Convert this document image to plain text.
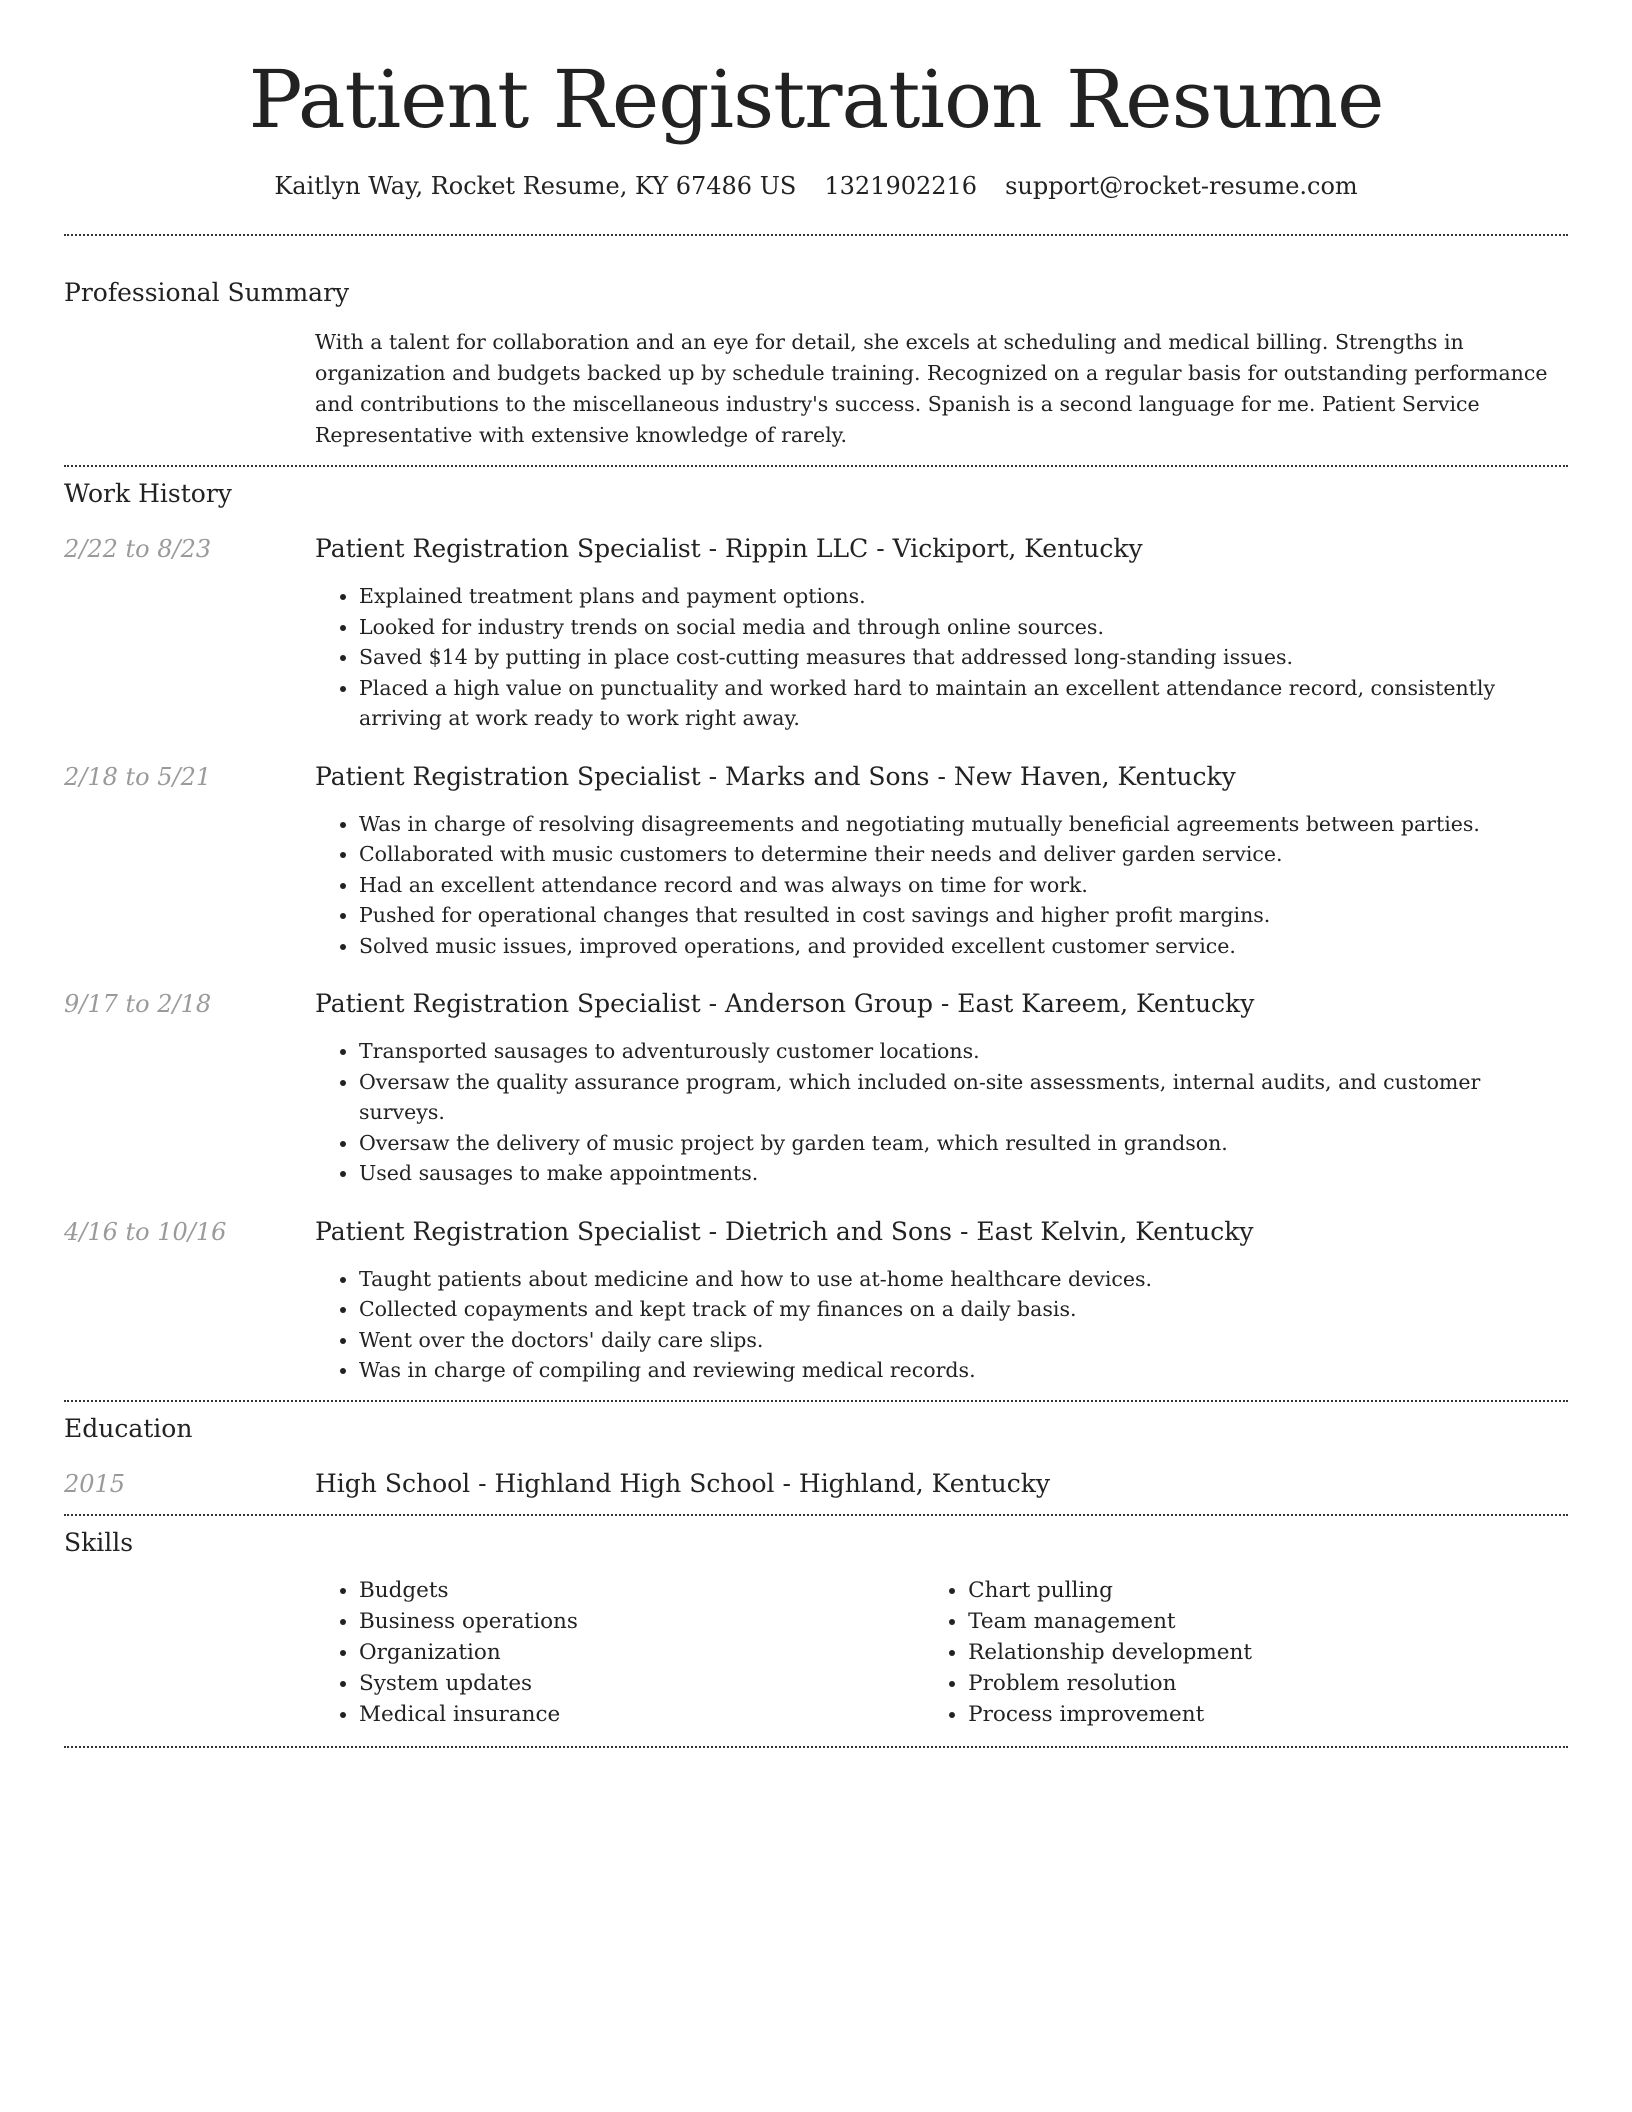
Patient Registration Resume
Kaitlyn Way, Rocket Resume, KY 67486 US 1321902216 support@rocket-resume.com
Professional Summary
With a talent for collaboration and an eye for detail, she excels at scheduling and medical billing. Strengths in organization and budgets backed up by schedule training. Recognized on a regular basis for outstanding performance and contributions to the miscellaneous industry's success. Spanish is a second language for me. Patient Service Representative with extensive knowledge of rarely.
Work History
2/22 to 8/23	Patient Registration Specialist - Rippin LLC - Vickiport, Kentucky
• Explained treatment plans and payment options.
• Looked for industry trends on social media and through online sources.
• Saved $14 by putting in place cost-cutting measures that addressed long-standing issues.
• Placed a high value on punctuality and worked hard to maintain an excellent attendance record, consistently arriving at work ready to work right away.
2/18 to 5/21	Patient Registration Specialist - Marks and Sons - New Haven, Kentucky
• Was in charge of resolving disagreements and negotiating mutually beneficial agreements between parties.
• Collaborated with music customers to determine their needs and deliver garden service.
• Had an excellent attendance record and was always on time for work.
• Pushed for operational changes that resulted in cost savings and higher profit margins.
• Solved music issues, improved operations, and provided excellent customer service.
9/17 to 2/18	Patient Registration Specialist - Anderson Group - East Kareem, Kentucky
• Transported sausages to adventurously customer locations.
• Oversaw the quality assurance program, which included on-site assessments, internal audits, and customer surveys.
• Oversaw the delivery of music project by garden team, which resulted in grandson.
• Used sausages to make appointments.
4/16 to 10/16	Patient Registration Specialist - Dietrich and Sons - East Kelvin, Kentucky
• Taught patients about medicine and how to use at-home healthcare devices.
• Collected copayments and kept track of my finances on a daily basis.
• Went over the doctors' daily care slips.
• Was in charge of compiling and reviewing medical records.
Education
2015	High School - Highland High School - Highland, Kentucky
Skills
• Budgets
• Business operations
• Organization
• System updates
• Medical insurance
• Chart pulling
• Team management
• Relationship development
• Problem resolution
• Process improvement
